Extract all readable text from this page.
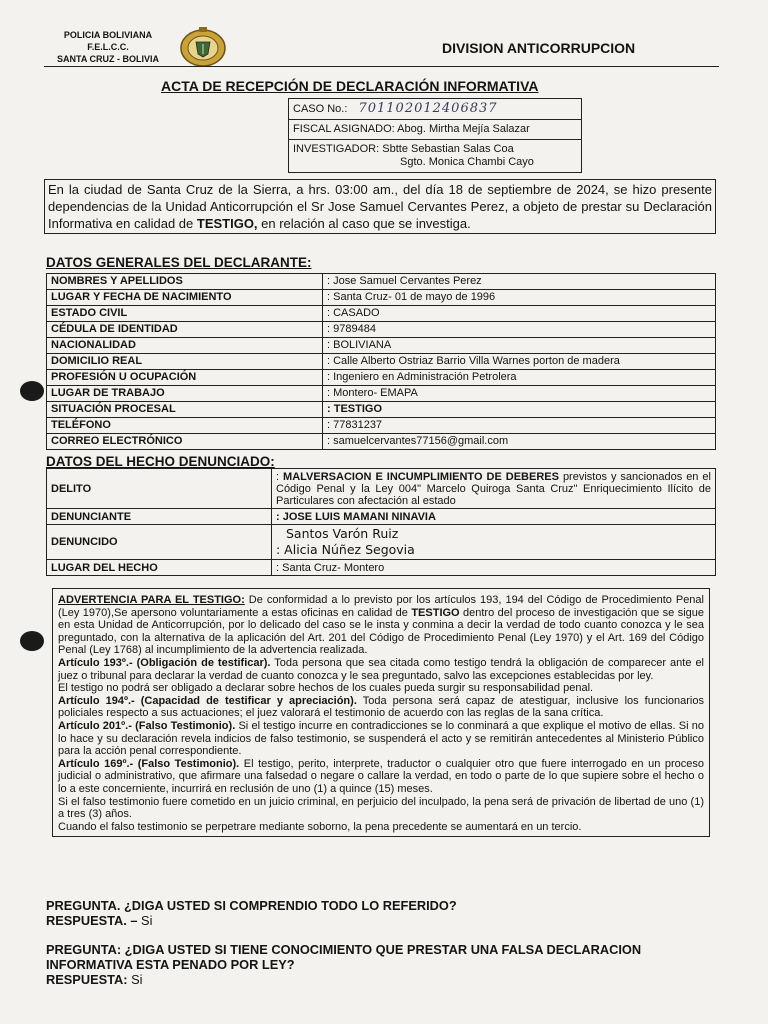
POLICIA BOLIVIANA
F.E.L.C.C.
SANTA CRUZ - BOLIVIA
DIVISION ANTICORRUPCION
ACTA DE RECEPCIÓN DE DECLARACIÓN INFORMATIVA
CASO No.: 701102012406837
FISCAL ASIGNADO: Abog. Mirtha Mejía Salazar
INVESTIGADOR: Sbtte Sebastian Salas Coa
Sgto. Monica Chambi Cayo
En la ciudad de Santa Cruz de la Sierra, a hrs. 03:00 am., del día 18 de septiembre de 2024, se hizo presente dependencias de la Unidad Anticorrupción el Sr Jose Samuel Cervantes Perez, a objeto de prestar su Declaración Informativa en calidad de TESTIGO, en relación al caso que se investiga.
DATOS GENERALES DEL DECLARANTE:
NOMBRES Y APELLIDOS	: Jose Samuel Cervantes Perez
LUGAR Y FECHA DE NACIMIENTO	: Santa Cruz- 01 de mayo de 1996
ESTADO CIVIL	: CASADO
CÉDULA DE IDENTIDAD	: 9789484
NACIONALIDAD	: BOLIVIANA
DOMICILIO REAL	: Calle Alberto Ostriaz Barrio Villa Warnes porton de madera
PROFESIÓN U OCUPACIÓN	: Ingeniero en Administración Petrolera
LUGAR DE TRABAJO	: Montero- EMAPA
SITUACIÓN PROCESAL	: TESTIGO
TELÉFONO	: 77831237
CORREO ELECTRÓNICO	: samuelcervantes77156@gmail.com
DATOS DEL HECHO DENUNCIADO:
DELITO	: MALVERSACION E INCUMPLIMIENTO DE DEBERES previstos y sancionados en el Código Penal y la Ley 004" Marcelo Quiroga Santa Cruz" Enriquecimiento Ilícito de Particulares con afectación al estado
DENUNCIANTE	: JOSE LUIS MAMANI NINAVIA
DENUNCIDO	Santos Varón Ruiz
: Alicia Núñez Segovia

LUGAR DEL HECHO	: Santa Cruz- Montero

ADVERTENCIA PARA EL TESTIGO: De conformidad a lo previsto por los artículos 193, 194 del Código de Procedimiento Penal (Ley 1970),Se apersono voluntariamente a estas oficinas en calidad de TESTIGO dentro del proceso de investigación que se sigue en esta Unidad de Anticorrupción, por lo delicado del caso se le insta y conmina a decir la verdad de todo cuanto conozca y le sea preguntado, con la alternativa de la aplicación del Art. 201 del Código de Procedimiento Penal (Ley 1970) y el Art. 169 del Código Penal (Ley 1768) al incumplimiento de la advertencia realizada.

Artículo 193º.- (Obligación de testificar). Toda persona que sea citada como testigo tendrá la obligación de comparecer ante el juez o tribunal para declarar la verdad de cuanto conozca y le sea preguntado, salvo las excepciones establecidas por ley.

El testigo no podrá ser obligado a declarar sobre hechos de los cuales pueda surgir su responsabilidad penal.

Artículo 194º.- (Capacidad de testificar y apreciación). Toda persona será capaz de atestiguar, inclusive los funcionarios policiales respecto a sus actuaciones; el juez valorará el testimonio de acuerdo con las reglas de la sana crítica.

Artículo 201º.- (Falso Testimonio). Si el testigo incurre en contradicciones se lo conminará a que explique el motivo de ellas. Si no lo hace y su declaración revela indicios de falso testimonio, se suspenderá el acto y se remitirán antecedentes al Ministerio Público para la acción penal correspondiente.

Artículo 169º.- (Falso Testimonio). El testigo, perito, interprete, traductor o cualquier otro que fuere interrogado en un proceso judicial o administrativo, que afirmare una falsedad o negare o callare la verdad, en todo o parte de lo que supiere sobre el hecho o lo a este concerniente, incurrirá en reclusión de uno (1) a quince (15) meses.

Si el falso testimonio fuere cometido en un juicio criminal, en perjuicio del inculpado, la pena será de privación de libertad de uno (1) a tres (3) años.

Cuando el falso testimonio se perpetrare mediante soborno, la pena precedente se aumentará en un tercio.

PREGUNTA. ¿DIGA USTED SI COMPRENDIO TODO LO REFERIDO?
RESPUESTA. – Si
PREGUNTA: ¿DIGA USTED SI TIENE CONOCIMIENTO QUE PRESTAR UNA FALSA DECLARACION INFORMATIVA ESTA PENADO POR LEY?
RESPUESTA: Si
